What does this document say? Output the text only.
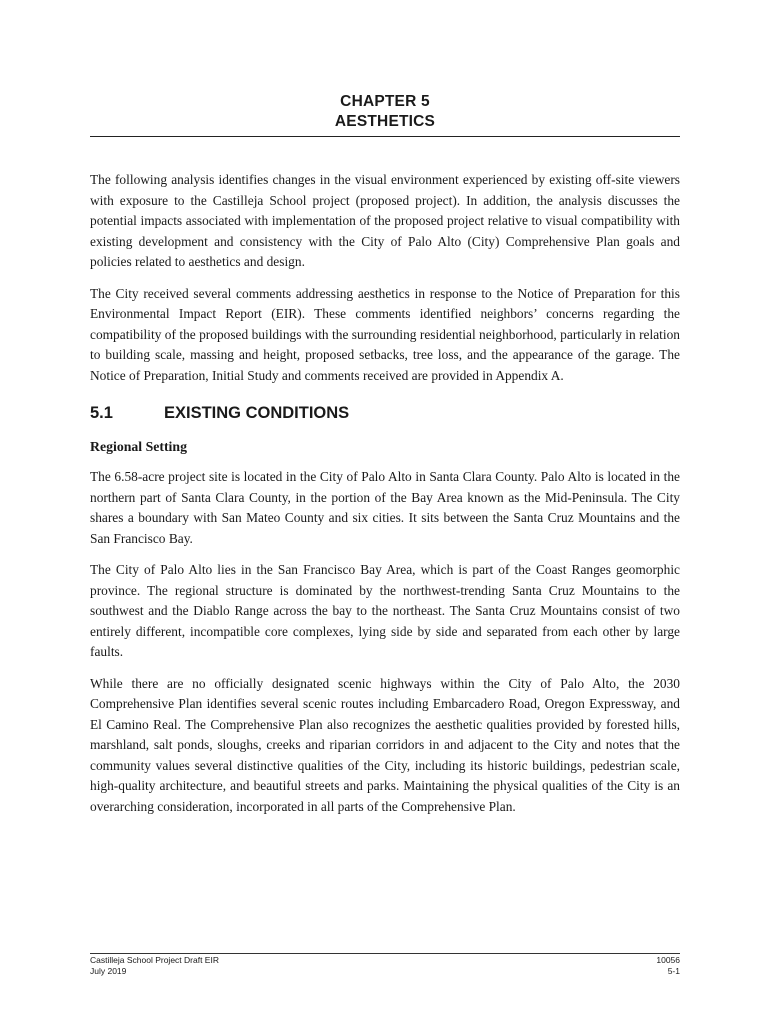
CHAPTER 5
AESTHETICS

The following analysis identifies changes in the visual environment experienced by existing off-site viewers with exposure to the Castilleja School project (proposed project). In addition, the analysis discusses the potential impacts associated with implementation of the proposed project relative to visual compatibility with existing development and consistency with the City of Palo Alto (City) Comprehensive Plan goals and policies related to aesthetics and design.

The City received several comments addressing aesthetics in response to the Notice of Preparation for this Environmental Impact Report (EIR). These comments identified neighbors’ concerns regarding the compatibility of the proposed buildings with the surrounding residential neighborhood, particularly in relation to building scale, massing and height, proposed setbacks, tree loss, and the appearance of the garage. The Notice of Preparation, Initial Study and comments received are provided in Appendix A.

5.1	EXISTING CONDITIONS
Regional Setting

The 6.58-acre project site is located in the City of Palo Alto in Santa Clara County. Palo Alto is located in the northern part of Santa Clara County, in the portion of the Bay Area known as the Mid-Peninsula. The City shares a boundary with San Mateo County and six cities. It sits between the Santa Cruz Mountains and the San Francisco Bay.

The City of Palo Alto lies in the San Francisco Bay Area, which is part of the Coast Ranges geomorphic province. The regional structure is dominated by the northwest-trending Santa Cruz Mountains to the southwest and the Diablo Range across the bay to the northeast. The Santa Cruz Mountains consist of two entirely different, incompatible core complexes, lying side by side and separated from each other by large faults.

While there are no officially designated scenic highways within the City of Palo Alto, the 2030 Comprehensive Plan identifies several scenic routes including Embarcadero Road, Oregon Expressway, and El Camino Real. The Comprehensive Plan also recognizes the aesthetic qualities provided by forested hills, marshland, salt ponds, sloughs, creeks and riparian corridors in and adjacent to the City and notes that the community values several distinctive qualities of the City, including its historic buildings, pedestrian scale, high-quality architecture, and beautiful streets and parks. Maintaining the physical qualities of the City is an overarching consideration, incorporated in all parts of the Comprehensive Plan.

Castilleja School Project Draft EIR	10056
July 2019	5-1
